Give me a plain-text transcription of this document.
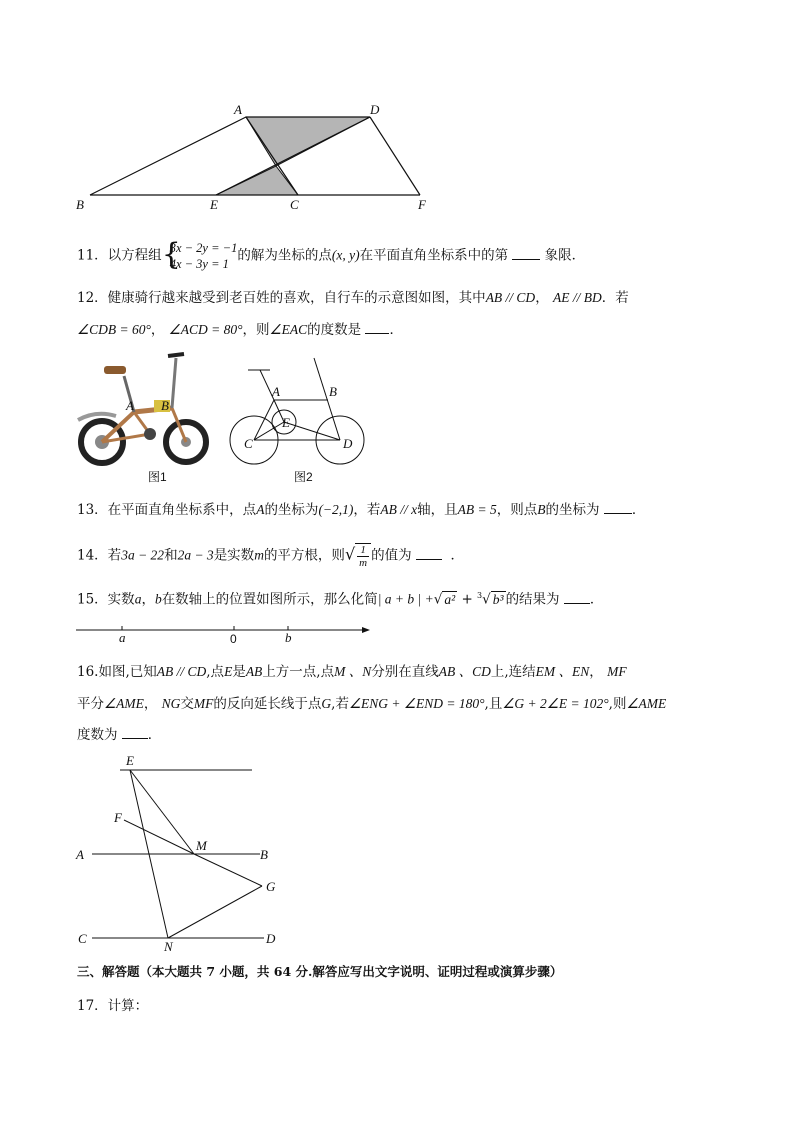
A	D
B	E	C	F
11．以方程组 {
3x − 2y = −1
4x − 3y = 1
的解为坐标的点(x, y)在平面直角坐标系中的第	象限．
12．健康骑行越来越受到老百姓的喜欢，自行车的示意图如图，其中AB // CD， AE // BD．若
∠CDB = 60°， ∠ACD = 80°，则∠EAC的度数是 ．
A B
图1
A	B
E
C	D
图2
13．在平面直角坐标系中，点A的坐标为(−2,1)，若AB // x轴，且AB = 5，则点B的坐标为 ．
14．若3a − 22和2a − 3是实数m的平方根，则√ $\frac{1}{m}$ 的值为	．
15．实数a，b在数轴上的位置如图所示，那么化简| a + b | +√ a² + $^3$√ b³ 的结果为 ．
a	0	b
16.如图,已知AB // CD,点E是AB上方一点,点M 、N分别在直线AB 、CD上,连结EM 、EN， MF
平分∠AME， NG交MF的反向延长线于点G,若∠ENG + ∠END = 180°,且∠G + 2∠E = 102°,则∠AME
度数为 ．
E
F
M
A	B
G
C
N
D
三、解答题（本大题共 7 小题，共 64 分.解答应写出文字说明、证明过程或演算步骤）
17．计算：
